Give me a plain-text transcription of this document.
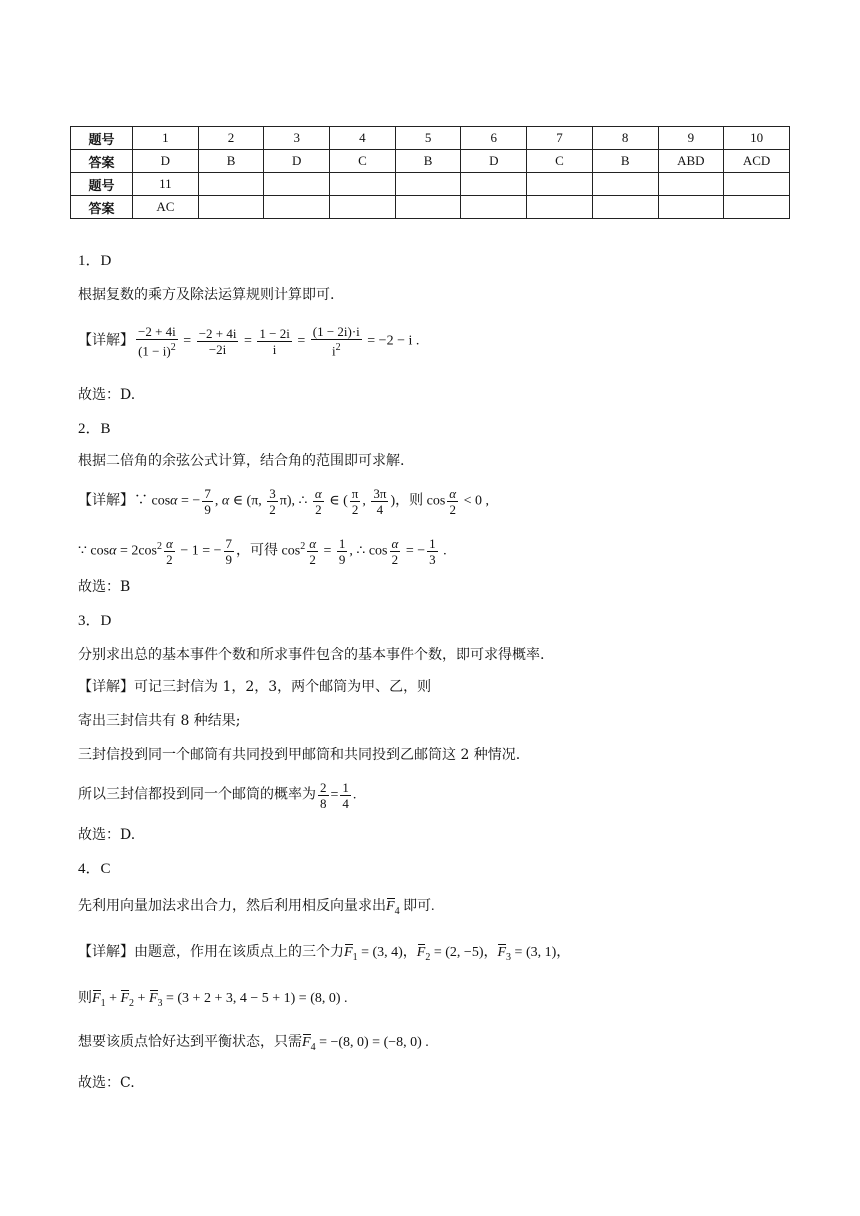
题号	1	2	3	4	5	6	7	8	9	10
答案	D	B	D	C	B	D	C	B	ABD	ACD
题号	11									
答案	AC									
1．D
根据复数的乘方及除法运算规则计算即可.
【详解】 $\frac{-2 + 4i}{(1 - i)^2} = \frac{-2 + 4i}{-2i} = \frac{1 - 2i}{i} = \frac{(1 - 2i)\cdot i}{i^2} = -2 - i$ .
故选：D.
2．B
根据二倍角的余弦公式计算，结合角的范围即可求解.
【详解】∵ cosα = − $\frac{7}{9}$ , α ∈ (π, $\frac{3}{2} \pi$), ∴ $\frac{\alpha}{2}$ ∈ ( $\frac{\pi}{2}$ , $\frac{3\pi}{4}$ )，则 $\cos \frac{\alpha}{2} < 0$ ,
∵ $\cos\alpha = 2\cos^2 \frac{\alpha}{2} - 1$ = − $\frac{7}{9}$ ，可得 $\cos^2 \frac{\alpha}{2} = \frac{1}{9}$ , ∴ $\cos \frac{\alpha}{2}$ = − $\frac{1}{3}$ .
故选：B
3．D
分别求出总的基本事件个数和所求事件包含的基本事件个数，即可求得概率.
【详解】可记三封信为 1，2，3，两个邮筒为甲、乙，则
寄出三封信共有 8 种结果;
三封信投到同一个邮筒有共同投到甲邮筒和共同投到乙邮筒这 2 种情况.
所以三封信都投到同一个邮筒的概率为 $\frac{2}{8} = \frac{1}{4}$ .
故选：D.
4．C
先利用向量加法求出合力，然后利用相反向量求出$F_4$ 即可.
【详解】由题意，作用在该质点上的三个力$F_1 = (3$, 4)，$F_2 = (2$, −5)，$F_3 = (3$, 1)，
则$F_1 + F_2 + F_3 = (3 + 2 + 3$, 4 − 5 + 1) = (8, 0) .
想要该质点恰好达到平衡状态，只需$F_4 = -(8$, 0) = (−8, 0) .
故选：C.
